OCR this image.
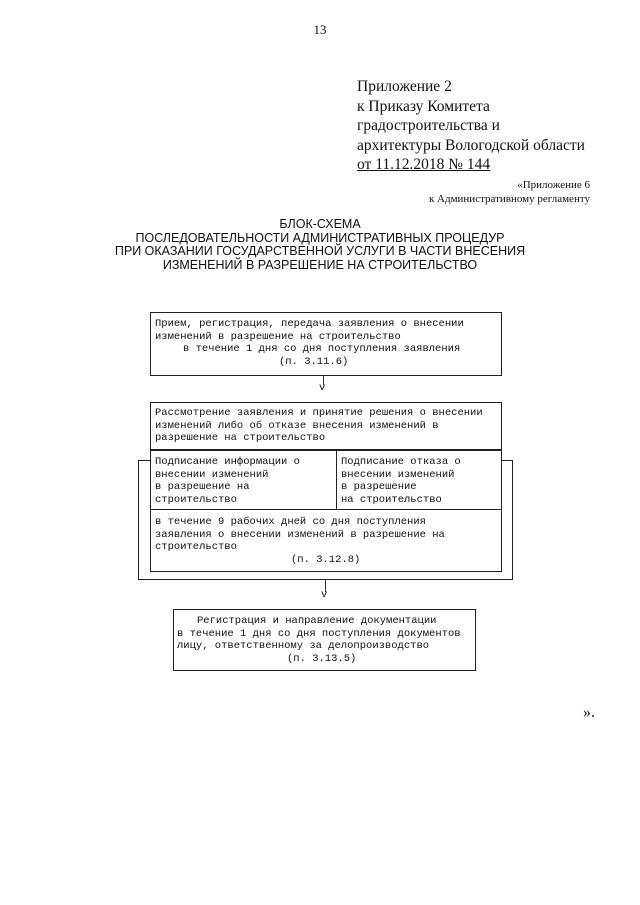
13
Приложение 2
к Приказу Комитета
градостроительства и
архитектуры Вологодской области
от 11.12.2018 № 144
«Приложение 6
к Административному регламенту
БЛОК-СХЕМА
ПОСЛЕДОВАТЕЛЬНОСТИ АДМИНИСТРАТИВНЫХ ПРОЦЕДУР
ПРИ ОКАЗАНИИ ГОСУДАРСТВЕННОЙ УСЛУГИ В ЧАСТИ ВНЕСЕНИЯ
ИЗМЕНЕНИЙ В РАЗРЕШЕНИЕ НА СТРОИТЕЛЬСТВО
Прием, регистрация, передача заявления о внесении
изменений в разрешение на строительство
в течение 1 дня со дня поступления заявления
(п. 3.11.6)
v
Рассмотрение заявления и принятие решения о внесении
изменений либо об отказе внесения изменений в
разрешение на строительство
Подписание информации о
внесении изменений
в разрешение на
строительство
Подписание отказа о
внесении изменений
в разрешение
на строительство
в течение 9 рабочих дней со дня поступления
заявления о внесении изменений в разрешение на
строительство
(п. 3.12.8)
v
Регистрация и направление документации
в течение 1 дня со дня поступления документов
лицу, ответственному за делопроизводство
(п. 3.13.5)
».
